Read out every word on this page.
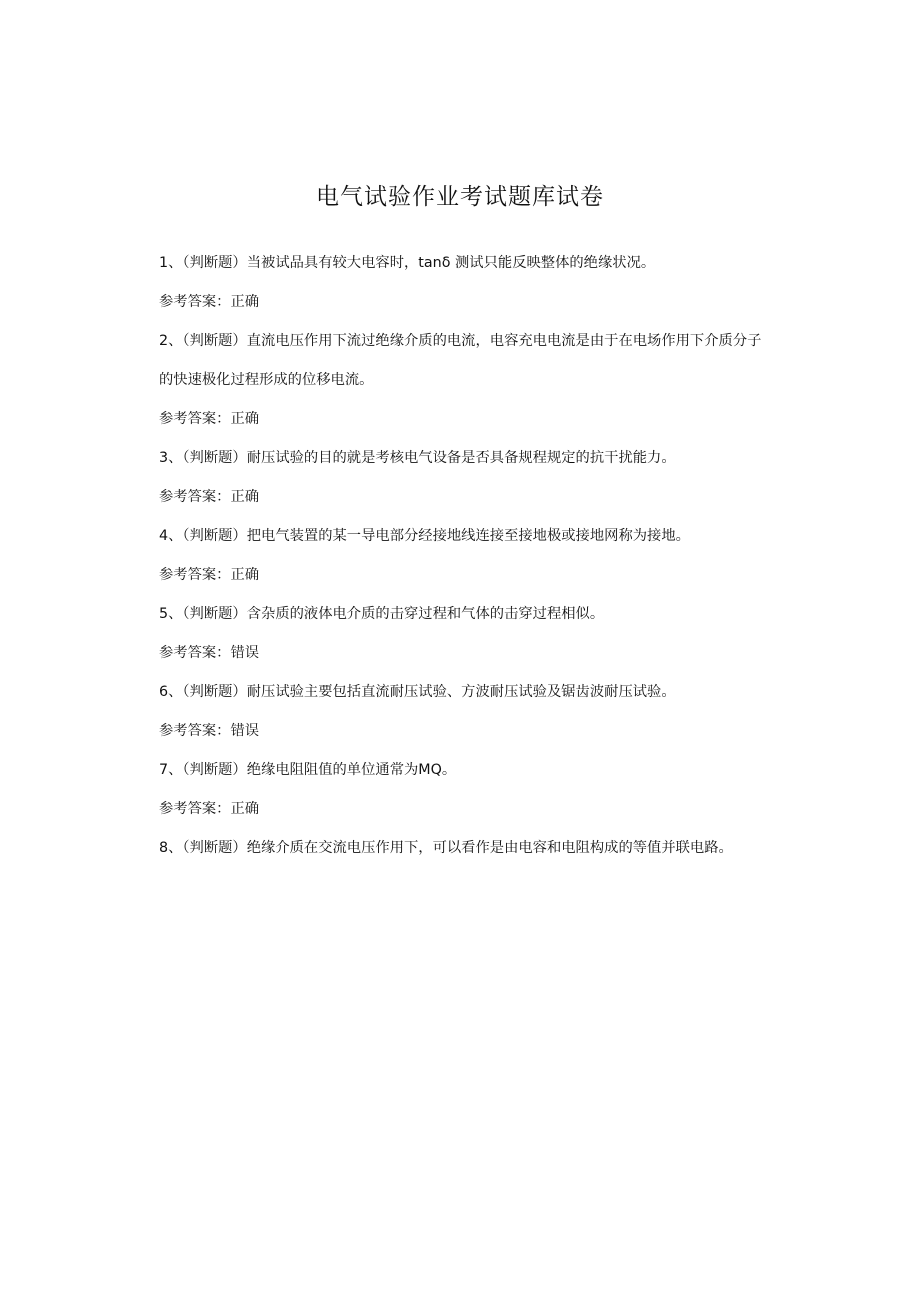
电气试验作业考试题库试卷

1、（判断题）当被试品具有较大电容时，tanδ 测试只能反映整体的绝缘状况。

参考答案：正确

2、（判断题）直流电压作用下流过绝缘介质的电流，电容充电电流是由于在电场作用下介质分子的快速极化过程形成的位移电流。

参考答案：正确

3、（判断题）耐压试验的目的就是考核电气设备是否具备规程规定的抗干扰能力。

参考答案：正确

4、（判断题）把电气装置的某一导电部分经接地线连接至接地极或接地网称为接地。

参考答案：正确

5、（判断题）含杂质的液体电介质的击穿过程和气体的击穿过程相似。

参考答案：错误

6、（判断题）耐压试验主要包括直流耐压试验、方波耐压试验及锯齿波耐压试验。

参考答案：错误

7、（判断题）绝缘电阻阻值的单位通常为MQ。

参考答案：正确

8、（判断题）绝缘介质在交流电压作用下，可以看作是由电容和电阻构成的等值并联电路。
